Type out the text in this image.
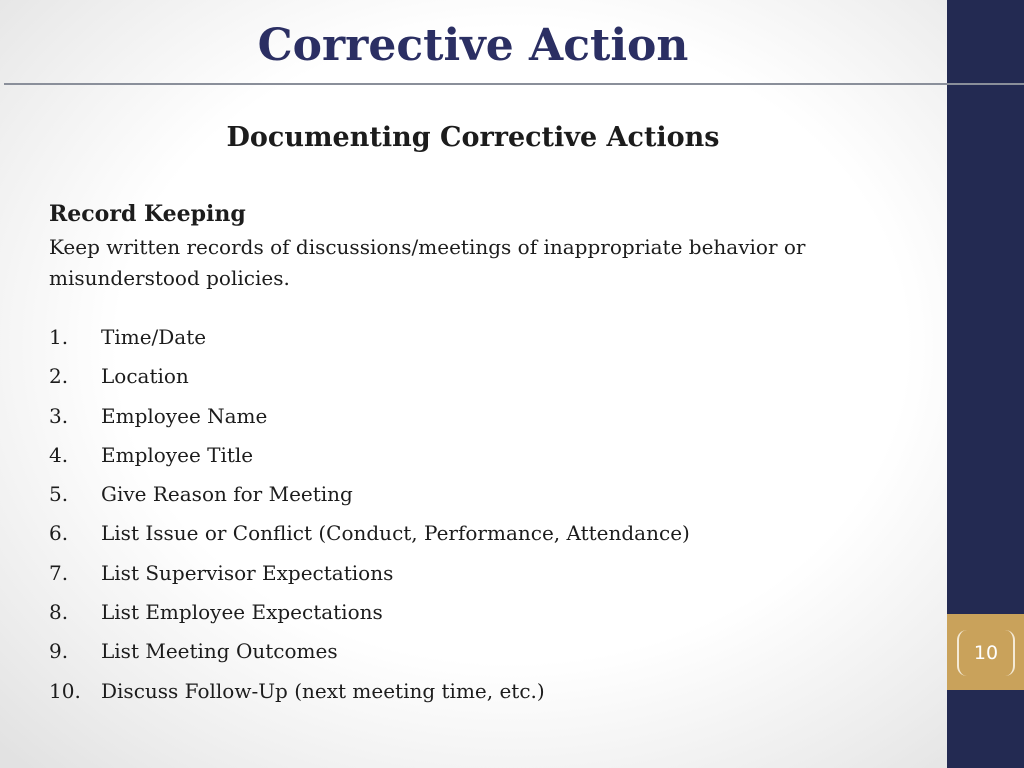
10
Corrective Action
Documenting Corrective Actions
Record Keeping
Keep written records of discussions/meetings of inappropriate behavior or misunderstood policies.
1. Time/Date
2. Location
3. Employee Name
4. Employee Title
5. Give Reason for Meeting
6. List Issue or Conflict (Conduct, Performance, Attendance)
7. List Supervisor Expectations
8. List Employee Expectations
9. List Meeting Outcomes
10. Discuss Follow-Up (next meeting time, etc.)
